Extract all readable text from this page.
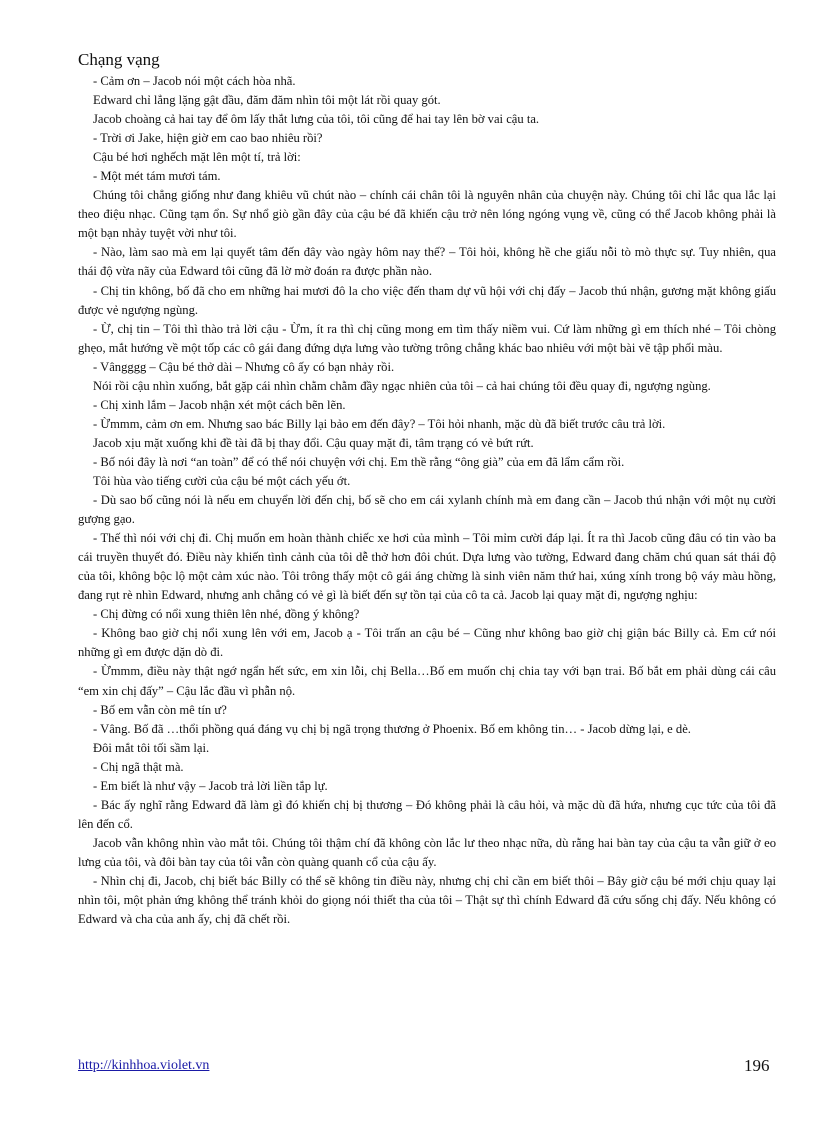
Chạng vạng

- Cảm ơn – Jacob nói một cách hòa nhã.

Edward chỉ lẳng lặng gật đầu, đăm đăm nhìn tôi một lát rồi quay gót.

Jacob choàng cả hai tay để ôm lấy thắt lưng của tôi, tôi cũng để hai tay lên bờ vai cậu ta.

- Trời ơi Jake, hiện giờ em cao bao nhiêu rồi?

Cậu bé hơi nghếch mặt lên một tí, trả lời:

- Một mét tám mươi tám.

Chúng tôi chẳng giống như đang khiêu vũ chút nào – chính cái chân tôi là nguyên nhân của chuyện này. Chúng tôi chỉ lắc qua lắc lại theo điệu nhạc. Cũng tạm ổn. Sự nhổ giò gần đây của cậu bé đã khiến cậu trở nên lóng ngóng vụng về, cũng có thể Jacob không phải là một bạn nhảy tuyệt vời như tôi.

- Nào, làm sao mà em lại quyết tâm đến đây vào ngày hôm nay thế? – Tôi hỏi, không hề che giấu nỗi tò mò thực sự. Tuy nhiên, qua thái độ vừa nãy của Edward tôi cũng đã lờ mờ đoán ra được phần nào.

- Chị tin không, bố đã cho em những hai mươi đô la cho việc đến tham dự vũ hội với chị đấy – Jacob thú nhận, gương mặt không giấu được vẻ ngượng ngùng.

- Ừ, chị tin – Tôi thì thào trả lời cậu - Ừm, ít ra thì chị cũng mong em tìm thấy niềm vui. Cứ làm những gì em thích nhé – Tôi chòng ghẹo, mắt hướng về một tốp các cô gái đang đứng dựa lưng vào tường trông chẳng khác bao nhiêu với một bài vẽ tập phối màu.

- Vângggg – Cậu bé thở dài – Nhưng cô ấy có bạn nhảy rồi.

Nói rồi cậu nhìn xuống, bắt gặp cái nhìn chằm chằm đầy ngạc nhiên của tôi – cả hai chúng tôi đều quay đi, ngượng ngùng.

- Chị xinh lắm – Jacob nhận xét một cách bẽn lẽn.

- Ừmmm, cảm ơn em. Nhưng sao bác Billy lại bảo em đến đây? – Tôi hỏi nhanh, mặc dù đã biết trước câu trả lời.

Jacob xịu mặt xuống khi đề tài đã bị thay đổi. Cậu quay mặt đi, tâm trạng có vẻ bứt rứt.

- Bố nói đây là nơi “an toàn” để có thể nói chuyện với chị. Em thề rằng “ông già” của em đã lẩm cẩm rồi.

Tôi hùa vào tiếng cười của cậu bé một cách yếu ớt.

- Dù sao bố cũng nói là nếu em chuyển lời đến chị, bố sẽ cho em cái xylanh chính mà em đang cần – Jacob thú nhận với một nụ cười gượng gạo.

- Thế thì nói với chị đi. Chị muốn em hoàn thành chiếc xe hơi của mình – Tôi mỉm cười đáp lại. Ít ra thì Jacob cũng đâu có tin vào ba cái truyền thuyết đó. Điều này khiến tình cảnh của tôi dễ thở hơn đôi chút. Dựa lưng vào tường, Edward đang chăm chú quan sát thái độ của tôi, không bộc lộ một cảm xúc nào. Tôi trông thấy một cô gái áng chừng là sinh viên năm thứ hai, xúng xính trong bộ váy màu hồng, đang rụt rè nhìn Edward, nhưng anh chẳng có vẻ gì là biết đến sự tồn tại của cô ta cả. Jacob lại quay mặt đi, ngượng nghịu:

- Chị đừng có nổi xung thiên lên nhé, đồng ý không?

- Không bao giờ chị nổi xung lên với em, Jacob ạ - Tôi trấn an cậu bé – Cũng như không bao giờ chị giận bác Billy cả. Em cứ nói những gì em được dặn dò đi.

- Ừmmm, điều này thật ngớ ngẩn hết sức, em xin lỗi, chị Bella…Bố em muốn chị chia tay với bạn trai. Bố bắt em phải dùng cái câu “em xin chị đấy” – Cậu lắc đầu vì phẫn nộ.

- Bố em vẫn còn mê tín ư?

- Vâng. Bố đã …thổi phồng quá đáng vụ chị bị ngã trọng thương ở Phoenix. Bố em không tin… - Jacob dừng lại, e dè.

Đôi mắt tôi tối sầm lại.

- Chị ngã thật mà.

- Em biết là như vậy – Jacob trả lời liền tắp lự.

- Bác ấy nghĩ rằng Edward đã làm gì đó khiến chị bị thương – Đó không phải là câu hỏi, và mặc dù đã hứa, nhưng cục tức của tôi đã lên đến cổ.

Jacob vẫn không nhìn vào mắt tôi. Chúng tôi thậm chí đã không còn lắc lư theo nhạc nữa, dù rằng hai bàn tay của cậu ta vẫn giữ ở eo lưng của tôi, và đôi bàn tay của tôi vẫn còn quàng quanh cổ của cậu ấy.

- Nhìn chị đi, Jacob, chị biết bác Billy có thể sẽ không tin điều này, nhưng chị chỉ cần em biết thôi – Bây giờ cậu bé mới chịu quay lại nhìn tôi, một phản ứng không thể tránh khỏi do giọng nói thiết tha của tôi – Thật sự thì chính Edward đã cứu sống chị đấy. Nếu không có Edward và cha của anh ấy, chị đã chết rồi.

http://kinhhoa.violet.vn	196
